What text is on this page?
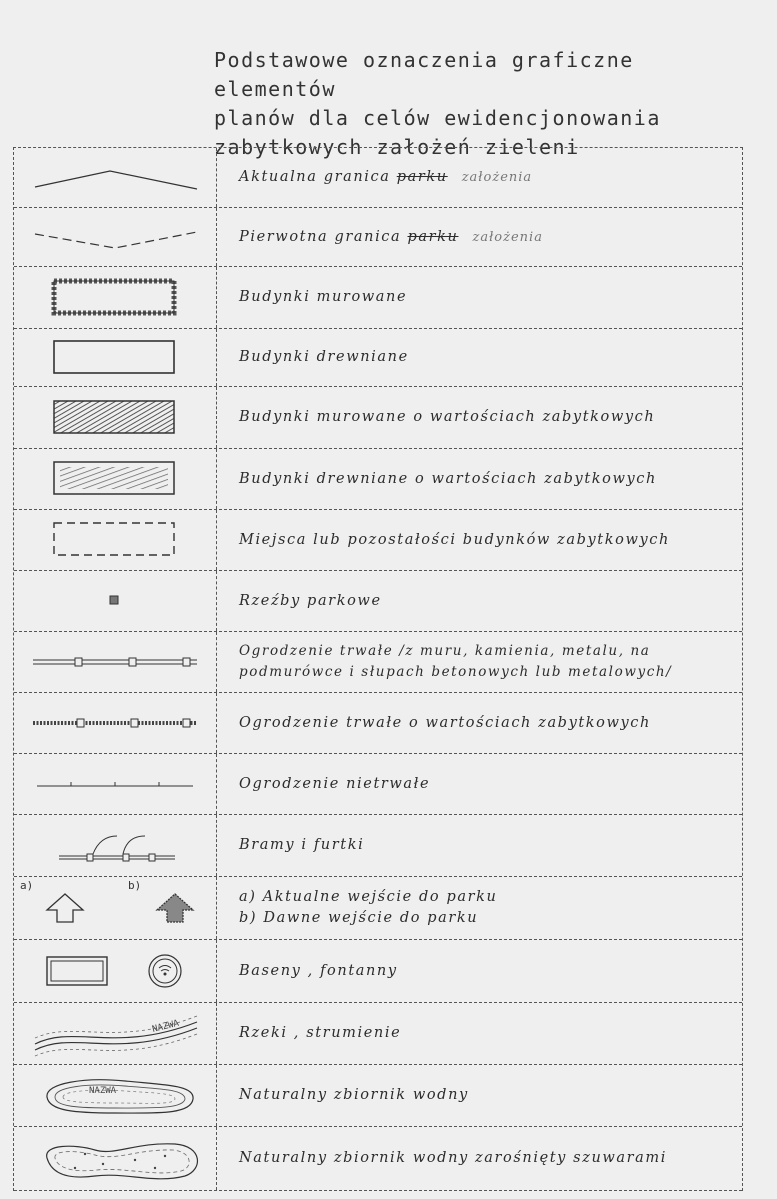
Podstawowe oznaczenia graficzne elementów
planów dla celów ewidencjonowania
zabytkowych założeń zieleni
Aktualna granica parku założenia
Pierwotna granica parku założenia
Budynki murowane
Budynki drewniane
Budynki murowane o wartościach zabytkowych
Budynki drewniane o wartościach zabytkowych
Miejsca lub pozostałości budynków zabytkowych
Rzeźby parkowe
Ogrodzenie trwałe /z muru, kamienia, metalu, na podmurówce i słupach betonowych lub metalowych/
Ogrodzenie trwałe o wartościach zabytkowych
Ogrodzenie nietrwałe
Bramy i furtki
a)	b)
a) Aktualne wejście do parku
b) Dawne wejście do parku
Baseny , fontanny
NAZWA	Rzeki , strumienie
NAZWA	Naturalny zbiornik wodny
Naturalny zbiornik wodny zarośnięty szuwarami
